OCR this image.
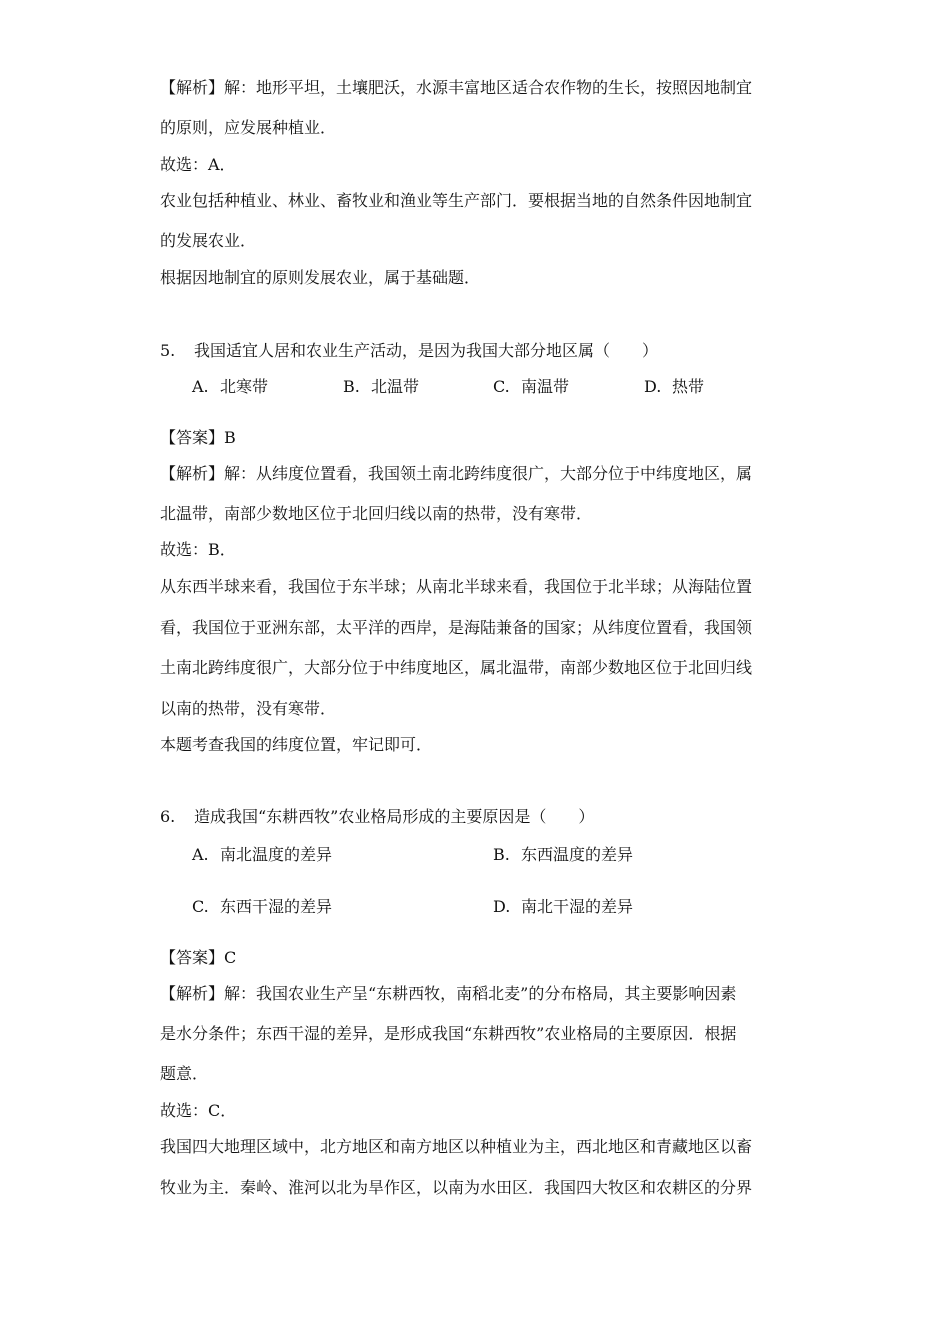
【解析】解：地形平坦，土壤肥沃，水源丰富地区适合农作物的生长，按照因地制宜
的原则，应发展种植业．
故选：A．
农业包括种植业、林业、畜牧业和渔业等生产部门．要根据当地的自然条件因地制宜
的发展农业．
根据因地制宜的原则发展农业，属于基础题．
5. 我国适宜人居和农业生产活动，是因为我国大部分地区属（　　）
A. 北寒带	B. 北温带	C. 南温带	D. 热带
【答案】B
【解析】解：从纬度位置看，我国领土南北跨纬度很广，大部分位于中纬度地区，属
北温带，南部少数地区位于北回归线以南的热带，没有寒带．
故选：B．
从东西半球来看，我国位于东半球；从南北半球来看，我国位于北半球；从海陆位置
看，我国位于亚洲东部，太平洋的西岸，是海陆兼备的国家；从纬度位置看，我国领
土南北跨纬度很广，大部分位于中纬度地区，属北温带，南部少数地区位于北回归线
以南的热带，没有寒带．
本题考查我国的纬度位置，牢记即可．
6. 造成我国“东耕西牧”农业格局形成的主要原因是（　　）
A. 南北温度的差异	B. 东西温度的差异
C. 东西干湿的差异	D. 南北干湿的差异
【答案】C
【解析】解：我国农业生产呈“东耕西牧，南稻北麦”的分布格局，其主要影响因素
是水分条件；东西干湿的差异，是形成我国“东耕西牧”农业格局的主要原因．根据
题意．
故选：C．
我国四大地理区域中，北方地区和南方地区以种植业为主，西北地区和青藏地区以畜
牧业为主．秦岭、淮河以北为旱作区，以南为水田区．我国四大牧区和农耕区的分界
